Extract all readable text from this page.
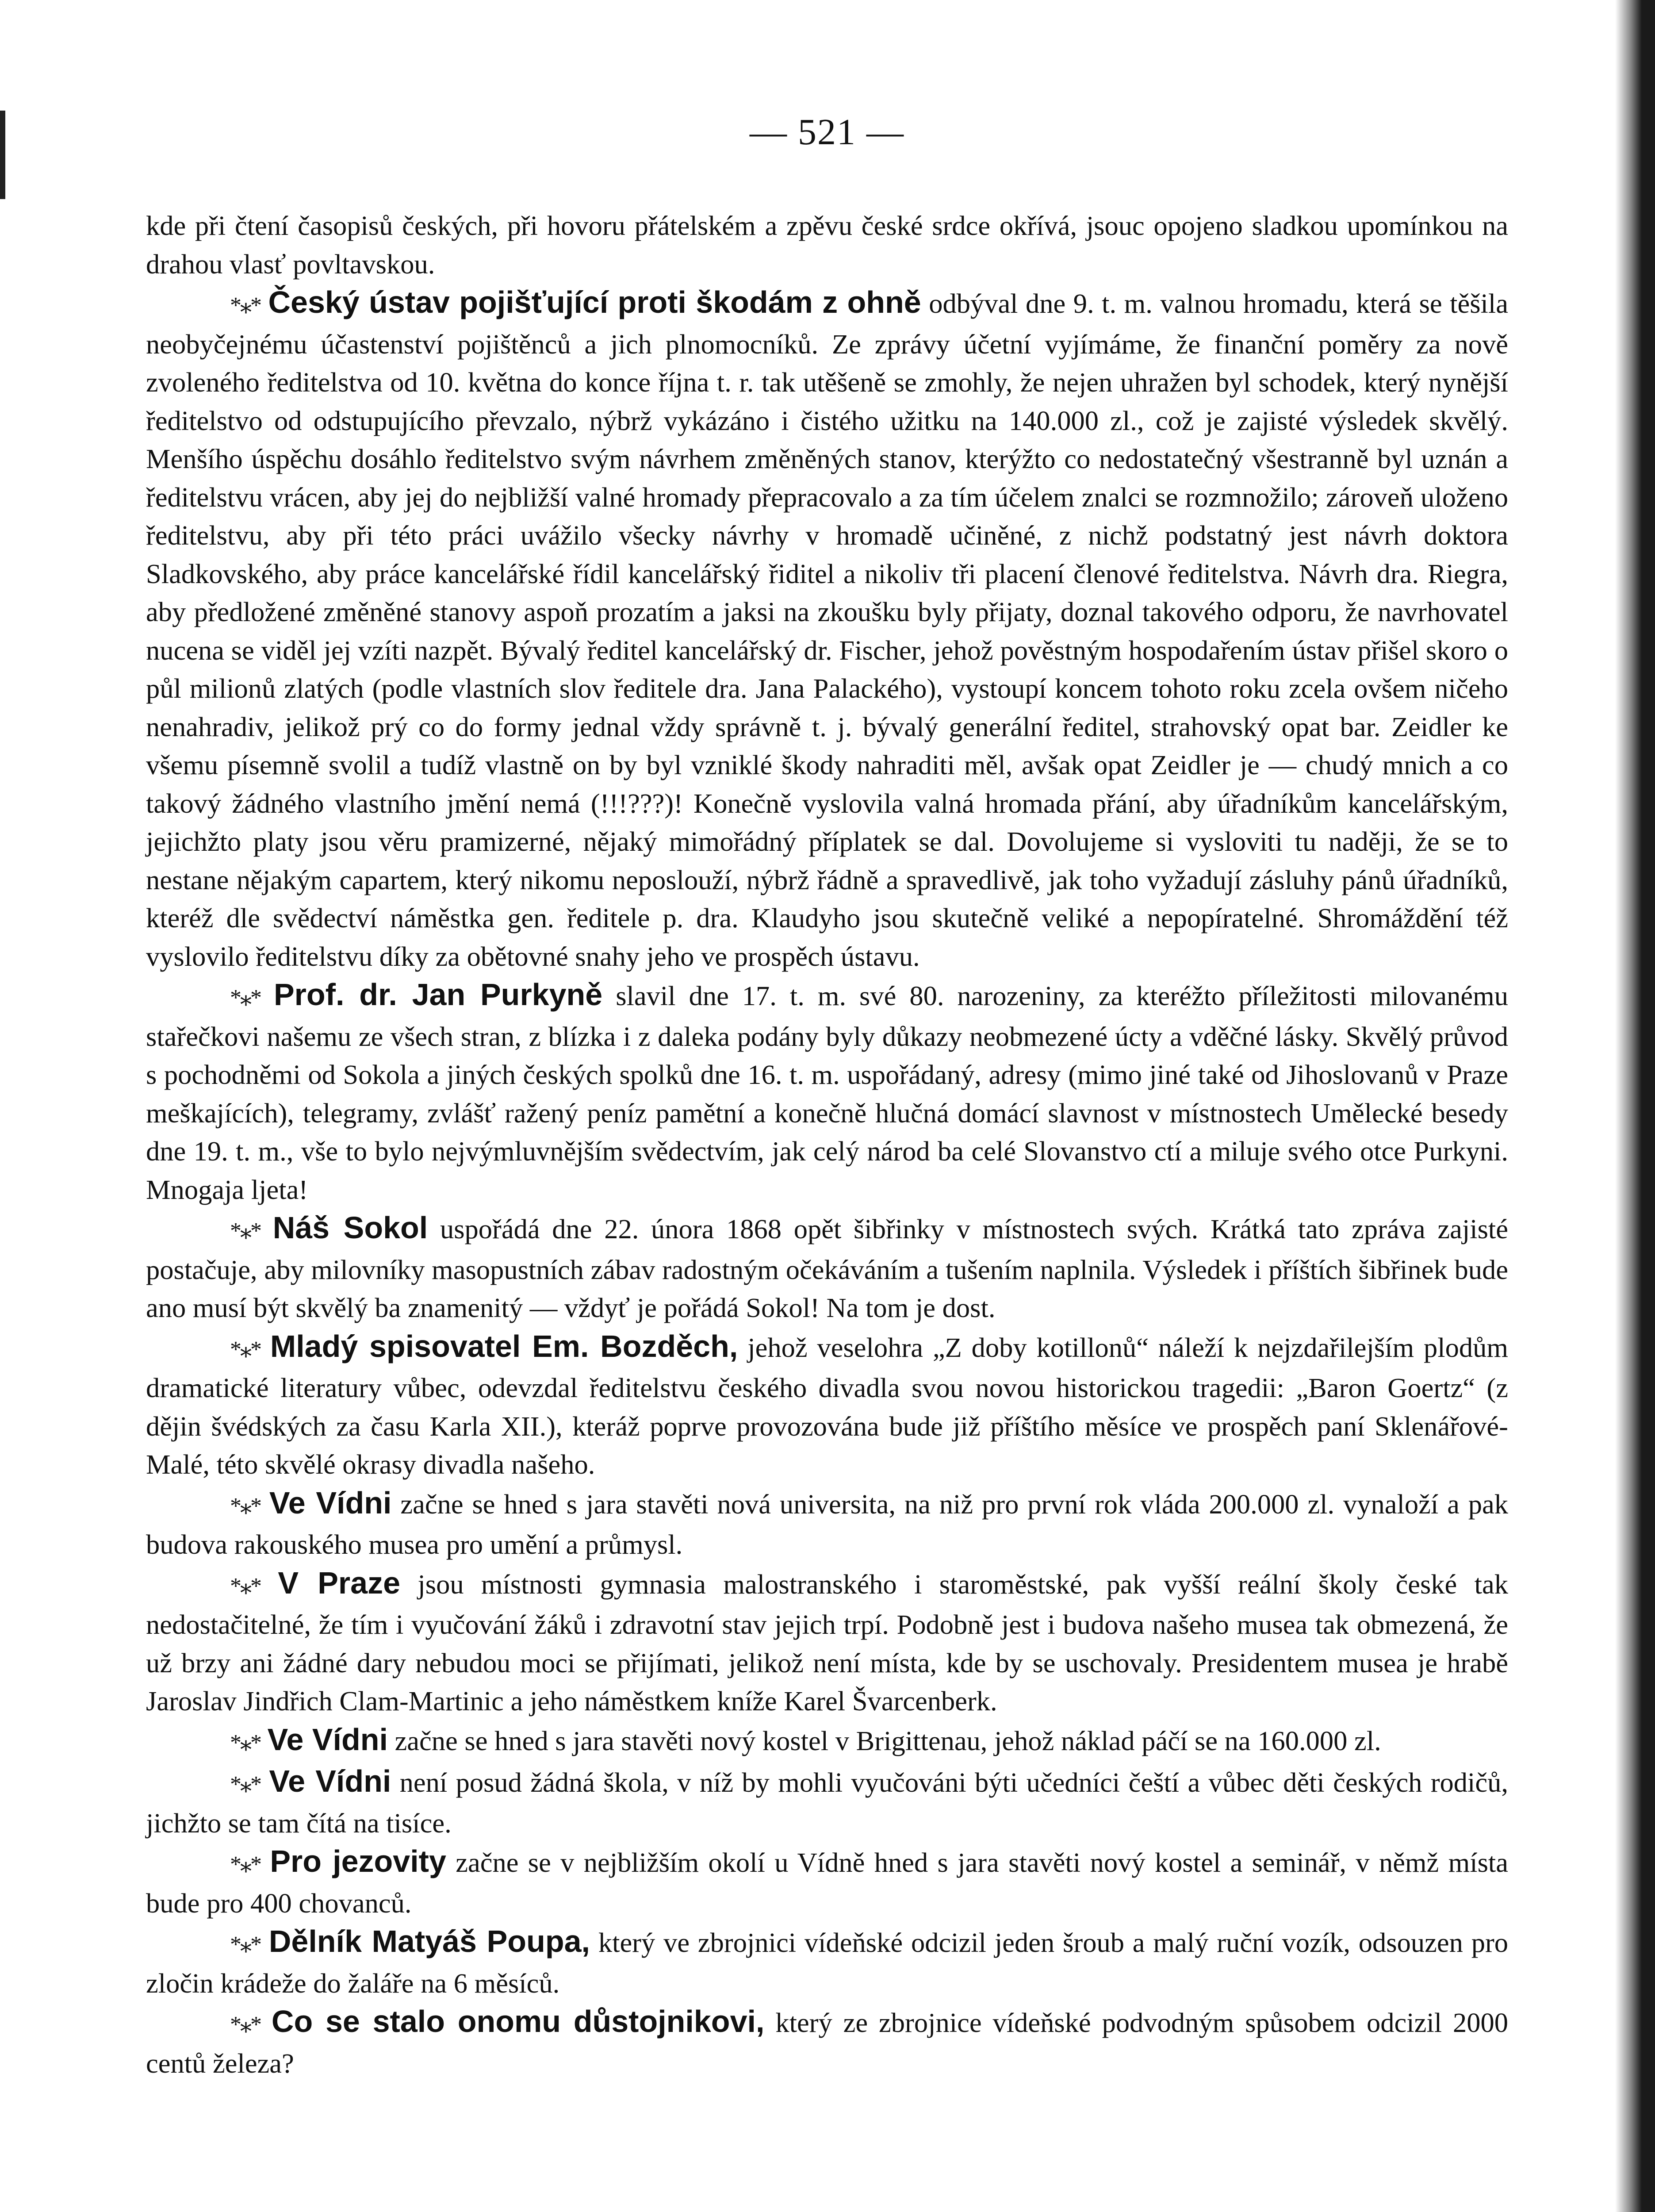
— 521 —

kde při čtení časopisů českých, při hovoru přátelském a zpěvu české srdce okřívá, jsouc opojeno sladkou upomínkou na drahou vlasť povltavskou.

*⁎* Český ústav pojišťující proti škodám z ohně odbýval dne 9. t. m. valnou hromadu, která se těšila neobyčejnému účastenství pojištěnců a jich plnomocníků. Ze zprávy účetní vyjímáme, že finanční poměry za nově zvoleného ředitelstva od 10. května do konce října t. r. tak utěšeně se zmohly, že nejen uhražen byl schodek, který nynější ředitelstvo od odstupujícího převzalo, nýbrž vykázáno i čistého užitku na 140.000 zl., což je zajisté výsledek skvělý. Menšího úspěchu dosáhlo ředitelstvo svým návrhem změněných stanov, kterýžto co nedostatečný všestranně byl uznán a ředitelstvu vrácen, aby jej do nejbližší valné hromady přepracovalo a za tím účelem znalci se rozmnožilo; zároveň uloženo ředitelstvu, aby při této práci uvážilo všecky návrhy v hromadě učiněné, z nichž podstatný jest návrh doktora Sladkovského, aby práce kancelářské řídil kancelářský řiditel a nikoliv tři placení členové ředitelstva. Návrh dra. Riegra, aby předložené změněné stanovy aspoň prozatím a jaksi na zkoušku byly přijaty, doznal takového odporu, že navrhovatel nucena se viděl jej vzíti nazpět. Bývalý ředitel kancelářský dr. Fischer, jehož pověstným hospodařením ústav přišel skoro o půl milionů zlatých (podle vlastních slov ředitele dra. Jana Palackého), vystoupí koncem tohoto roku zcela ovšem ničeho nenahradiv, jelikož prý co do formy jednal vždy správně t. j. bývalý generální ředitel, strahovský opat bar. Zeidler ke všemu písemně svolil a tudíž vlastně on by byl vzniklé škody nahraditi měl, avšak opat Zeidler je — chudý mnich a co takový žádného vlastního jmění nemá (!!!???)! Konečně vyslovila valná hromada přání, aby úřadníkům kancelářským, jejichžto platy jsou věru pramizerné, nějaký mimořádný příplatek se dal. Dovolujeme si vysloviti tu naději, že se to nestane nějakým capartem, který nikomu neposlouží, nýbrž řádně a spravedlivě, jak toho vyžadují zásluhy pánů úřadníků, kteréž dle svědectví náměstka gen. ředitele p. dra. Klaudyho jsou skutečně veliké a nepopíratelné. Shromáždění též vyslovilo ředitelstvu díky za obětovné snahy jeho ve prospěch ústavu.

*⁎* Prof. dr. Jan Purkyně slavil dne 17. t. m. své 80. narozeniny, za kteréžto příležitosti milovanému stařečkovi našemu ze všech stran, z blízka i z daleka podány byly důkazy neobmezené úcty a vděčné lásky. Skvělý průvod s pochodněmi od Sokola a jiných českých spolků dne 16. t. m. uspořádaný, adresy (mimo jiné také od Jihoslovanů v Praze meškajících), telegramy, zvlášť ražený peníz pamětní a konečně hlučná domácí slavnost v místnostech Umělecké besedy dne 19. t. m., vše to bylo nejvýmluvnějším svědectvím, jak celý národ ba celé Slovanstvo ctí a miluje svého otce Purkyni. Mnogaja ljeta!

*⁎* Náš Sokol uspořádá dne 22. února 1868 opět šibřinky v místnostech svých. Krátká tato zpráva zajisté postačuje, aby milovníky masopustních zábav radostným očekáváním a tušením naplnila. Výsledek i příštích šibřinek bude ano musí být skvělý ba znamenitý — vždyť je pořádá Sokol! Na tom je dost.

*⁎* Mladý spisovatel Em. Bozděch, jehož veselohra „Z doby kotillonů“ náleží k nejzdařilejším plodům dramatické literatury vůbec, odevzdal ředitelstvu českého divadla svou novou historickou tragedii: „Baron Goertz“ (z dějin švédských za času Karla XII.), kteráž poprve provozována bude již příštího měsíce ve prospěch paní Sklenářové-Malé, této skvělé okrasy divadla našeho.

*⁎* Ve Vídni začne se hned s jara stavěti nová universita, na niž pro první rok vláda 200.000 zl. vynaloží a pak budova rakouského musea pro umění a průmysl.

*⁎* V Praze jsou místnosti gymnasia malostranského i staroměstské, pak vyšší reální školy české tak nedostačitelné, že tím i vyučování žáků i zdravotní stav jejich trpí. Podobně jest i budova našeho musea tak obmezená, že už brzy ani žádné dary nebudou moci se přijímati, jelikož není místa, kde by se uschovaly. Presidentem musea je hrabě Jaroslav Jindřich Clam-Martinic a jeho náměstkem kníže Karel Švarcenberk.

*⁎* Ve Vídni začne se hned s jara stavěti nový kostel v Brigittenau, jehož náklad páčí se na 160.000 zl.

*⁎* Ve Vídni není posud žádná škola, v níž by mohli vyučováni býti učedníci čeští a vůbec děti českých rodičů, jichžto se tam čítá na tisíce.

*⁎* Pro jezovity začne se v nejbližším okolí u Vídně hned s jara stavěti nový kostel a seminář, v němž místa bude pro 400 chovanců.

*⁎* Dělník Matyáš Poupa, který ve zbrojnici vídeňské odcizil jeden šroub a malý ruční vozík, odsouzen pro zločin krádeže do žaláře na 6 měsíců.

*⁎* Co se stalo onomu důstojnikovi, který ze zbrojnice vídeňské podvodným spůsobem odcizil 2000 centů železa?
